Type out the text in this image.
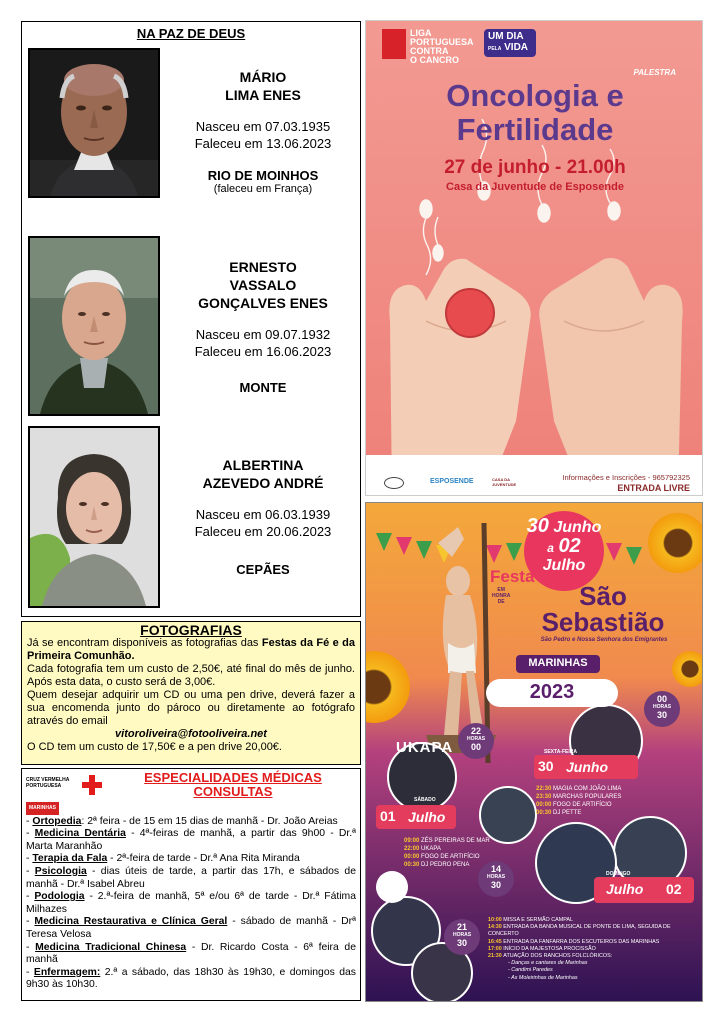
NA PAZ DE DEUS
MÁRIO
LIMA ENES
Nasceu em 07.03.1935
Faleceu em 13.06.2023
RIO DE MOINHOS
(faleceu em França)
ERNESTO
VASSALO
GONÇALVES ENES
Nasceu em 09.07.1932
Faleceu em 16.06.2023
MONTE
ALBERTINA
AZEVEDO ANDRÉ
Nasceu em 06.03.1939
Faleceu em 20.06.2023
CEPÃES
FOTOGRAFIAS

Já se encontram disponíveis as fotografias das Festas da Fé e da Primeira Comunhão.

Cada fotografia tem um custo de 2,50€, até final do mês de junho. Após esta data, o custo será de 3,00€.

Quem desejar adquirir um CD ou uma pen drive, deverá fazer a sua encomenda junto do pároco ou diretamente ao fotógrafo através do email

vitoroliveira@fotooliveira.net

O CD tem um custo de 17,50€ e a pen drive 20,00€.

CRUZ VERMELHA
PORTUGUESA
ESPECIALIDADES MÉDICAS
CONSULTAS
MARINHAS
- Ortopedia: 2ª feira - de 15 em 15 dias de manhã - Dr. João Areias
- Medicina Dentária - 4ª-feiras de manhã, a partir das 9h00 - Dr.ª Marta Maranhão
- Terapia da Fala - 2ª-feira de tarde - Dr.ª Ana Rita Miranda
- Psicologia - dias úteis de tarde, a partir das 17h, e sábados de manhã - Dr.ª Isabel Abreu
- Podologia - 2.ª-feira de manhã, 5ª e/ou 6ª de tarde - Dr.ª Fátima Milhazes
- Medicina Restaurativa e Clínica Geral - sábado de manhã - Drª Teresa Velosa
- Medicina Tradicional Chinesa - Dr. Ricardo Costa - 6ª feira de manhã
- Enfermagem: 2.ª a sábado, das 18h30 às 19h30, e domingos das 9h30 às 10h30.
LIGA
PORTUGUESA
CONTRA
O CANCRO
UM DIA
PELA VIDA
PALESTRA
Oncologia e
Fertilidade
27 de junho - 21.00h
Casa da Juventude de Esposende
ESPOSENDE	CASA DA JUVENTUDE
Informações e Inscrições - 965792325
ENTRADA LIVRE
30 Junho
a 02 Julho
Festa
EM
HONRA
DE	São
Sebastião
São Pedro e Nossa Senhora dos Emigrantes
MARINHAS
2023	00
HORAS
30
22
HORAS
00
UKAPA	SEXTA-FEIRA
30 Junho
22:30 MAGIA COM JOÃO LIMA
23:30 MARCHAS POPULARES
00:00 FOGO DE ARTIFÍCIO
00:30 DJ PETTE
SÁBADO
01 Julho
09:00 ZÉS PEREIRAS DE MAR
22:00 UKAPA
00:00 FOGO DE ARTIFÍCIO
00:30 DJ PEDRO PENA	14
HORAS
30
21
HORAS
30
DOMINGO
Julho 02
10:00 MISSA E SERMÃO CAMPAL
14:30 ENTRADA DA BANDA MUSICAL DE PONTE DE LIMA, SEGUIDA DE CONCERTO
16:45 ENTRADA DA FANFARRA DOS ESCUTEIROS DAS MARINHAS
17:00 INÍCIO DA MAJESTOSA PROCISSÃO
21:30 ATUAÇÃO DOS RANCHOS FOLCLÓRICOS:
- Danças e cantares de Marinhas
- Candimi Paredes
- As Moleirinhas de Marinhas
